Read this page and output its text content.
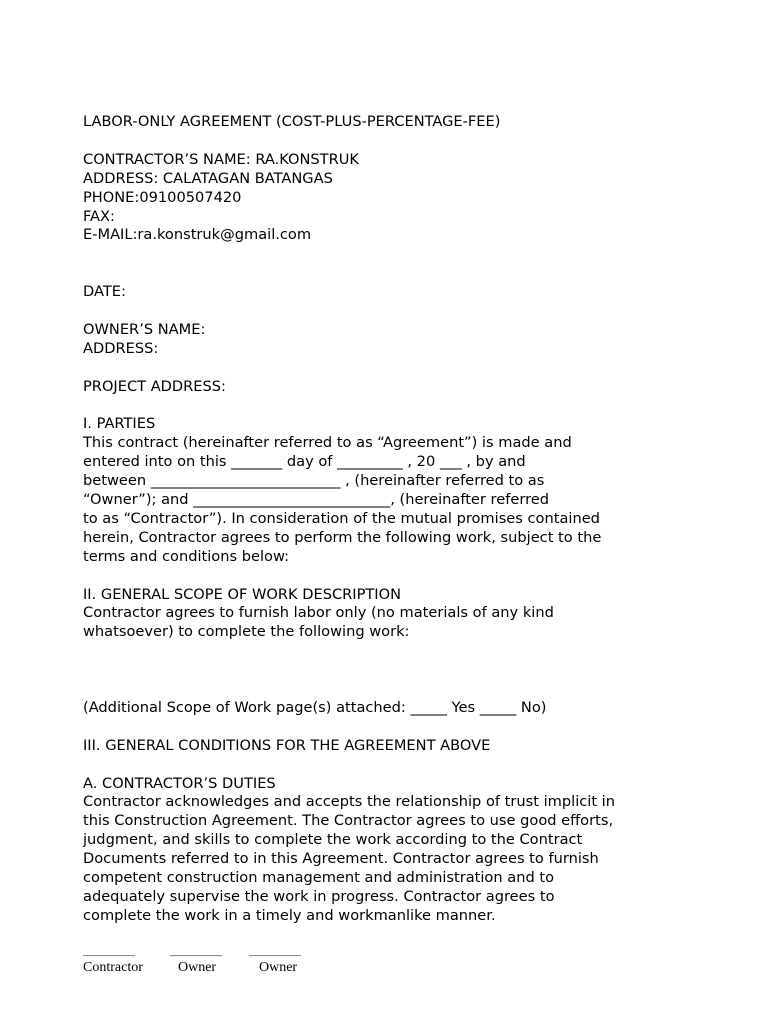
LABOR-ONLY AGREEMENT (COST-PLUS-PERCENTAGE-FEE)

CONTRACTOR’S NAME: RA.KONSTRUK

ADDRESS: CALATAGAN BATANGAS

PHONE:09100507420

FAX:

E-MAIL:ra.konstruk@gmail.com

DATE:

OWNER’S NAME:

ADDRESS:

PROJECT ADDRESS:

I. PARTIES

This contract (hereinafter referred to as “Agreement”) is made and

entered into on this _______ day of _________ , 20 ___ , by and

between __________________________ , (hereinafter referred to as

“Owner”); and ___________________________, (hereinafter referred

to as “Contractor”). In consideration of the mutual promises contained

herein, Contractor agrees to perform the following work, subject to the

terms and conditions below:

II. GENERAL SCOPE OF WORK DESCRIPTION

Contractor agrees to furnish labor only (no materials of any kind

whatsoever) to complete the following work:

(Additional Scope of Work page(s) attached: _____ Yes _____ No)

III. GENERAL CONDITIONS FOR THE AGREEMENT ABOVE

A. CONTRACTOR’S DUTIES

Contractor acknowledges and accepts the relationship of trust implicit in

this Construction Agreement. The Contractor agrees to use good efforts,

judgment, and skills to complete the work according to the Contract

Documents referred to in this Agreement. Contractor agrees to furnish

competent construction management and administration and to

adequately supervise the work in progress. Contractor agrees to

complete the work in a timely and workmanlike manner.

________	________ ________
Contractor	Owner	Owner
